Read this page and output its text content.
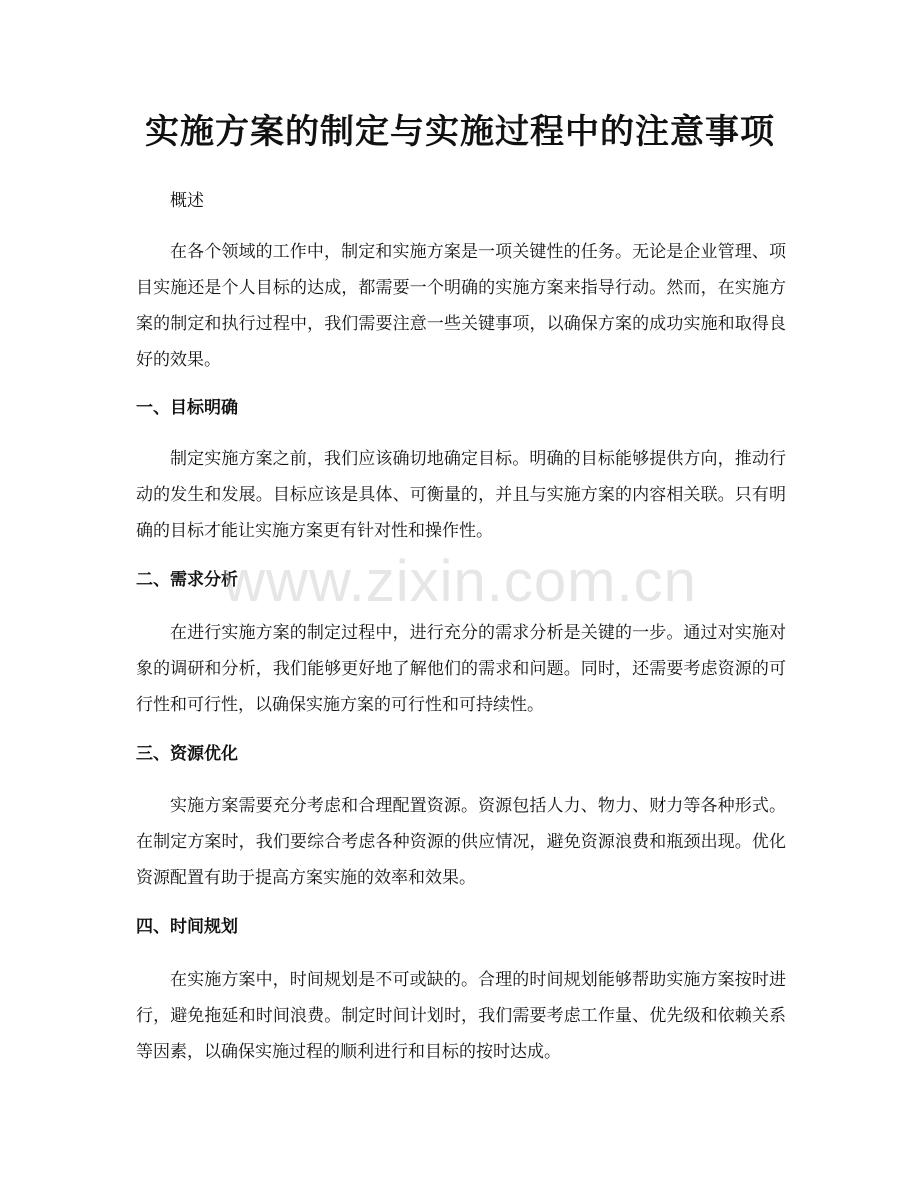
实施方案的制定与实施过程中的注意事项

概述

在各个领域的工作中，制定和实施方案是一项关键性的任务。无论是企业管理、项目实施还是个人目标的达成，都需要一个明确的实施方案来指导行动。然而，在实施方案的制定和执行过程中，我们需要注意一些关键事项，以确保方案的成功实施和取得良好的效果。

一、目标明确

制定实施方案之前，我们应该确切地确定目标。明确的目标能够提供方向，推动行动的发生和发展。目标应该是具体、可衡量的，并且与实施方案的内容相关联。只有明确的目标才能让实施方案更有针对性和操作性。

二、需求分析

在进行实施方案的制定过程中，进行充分的需求分析是关键的一步。通过对实施对象的调研和分析，我们能够更好地了解他们的需求和问题。同时，还需要考虑资源的可行性和可行性，以确保实施方案的可行性和可持续性。

三、资源优化

实施方案需要充分考虑和合理配置资源。资源包括人力、物力、财力等各种形式。在制定方案时，我们要综合考虑各种资源的供应情况，避免资源浪费和瓶颈出现。优化资源配置有助于提高方案实施的效率和效果。

四、时间规划

在实施方案中，时间规划是不可或缺的。合理的时间规划能够帮助实施方案按时进行，避免拖延和时间浪费。制定时间计划时，我们需要考虑工作量、优先级和依赖关系等因素，以确保实施过程的顺利进行和目标的按时达成。

www.zixin.com.cn
